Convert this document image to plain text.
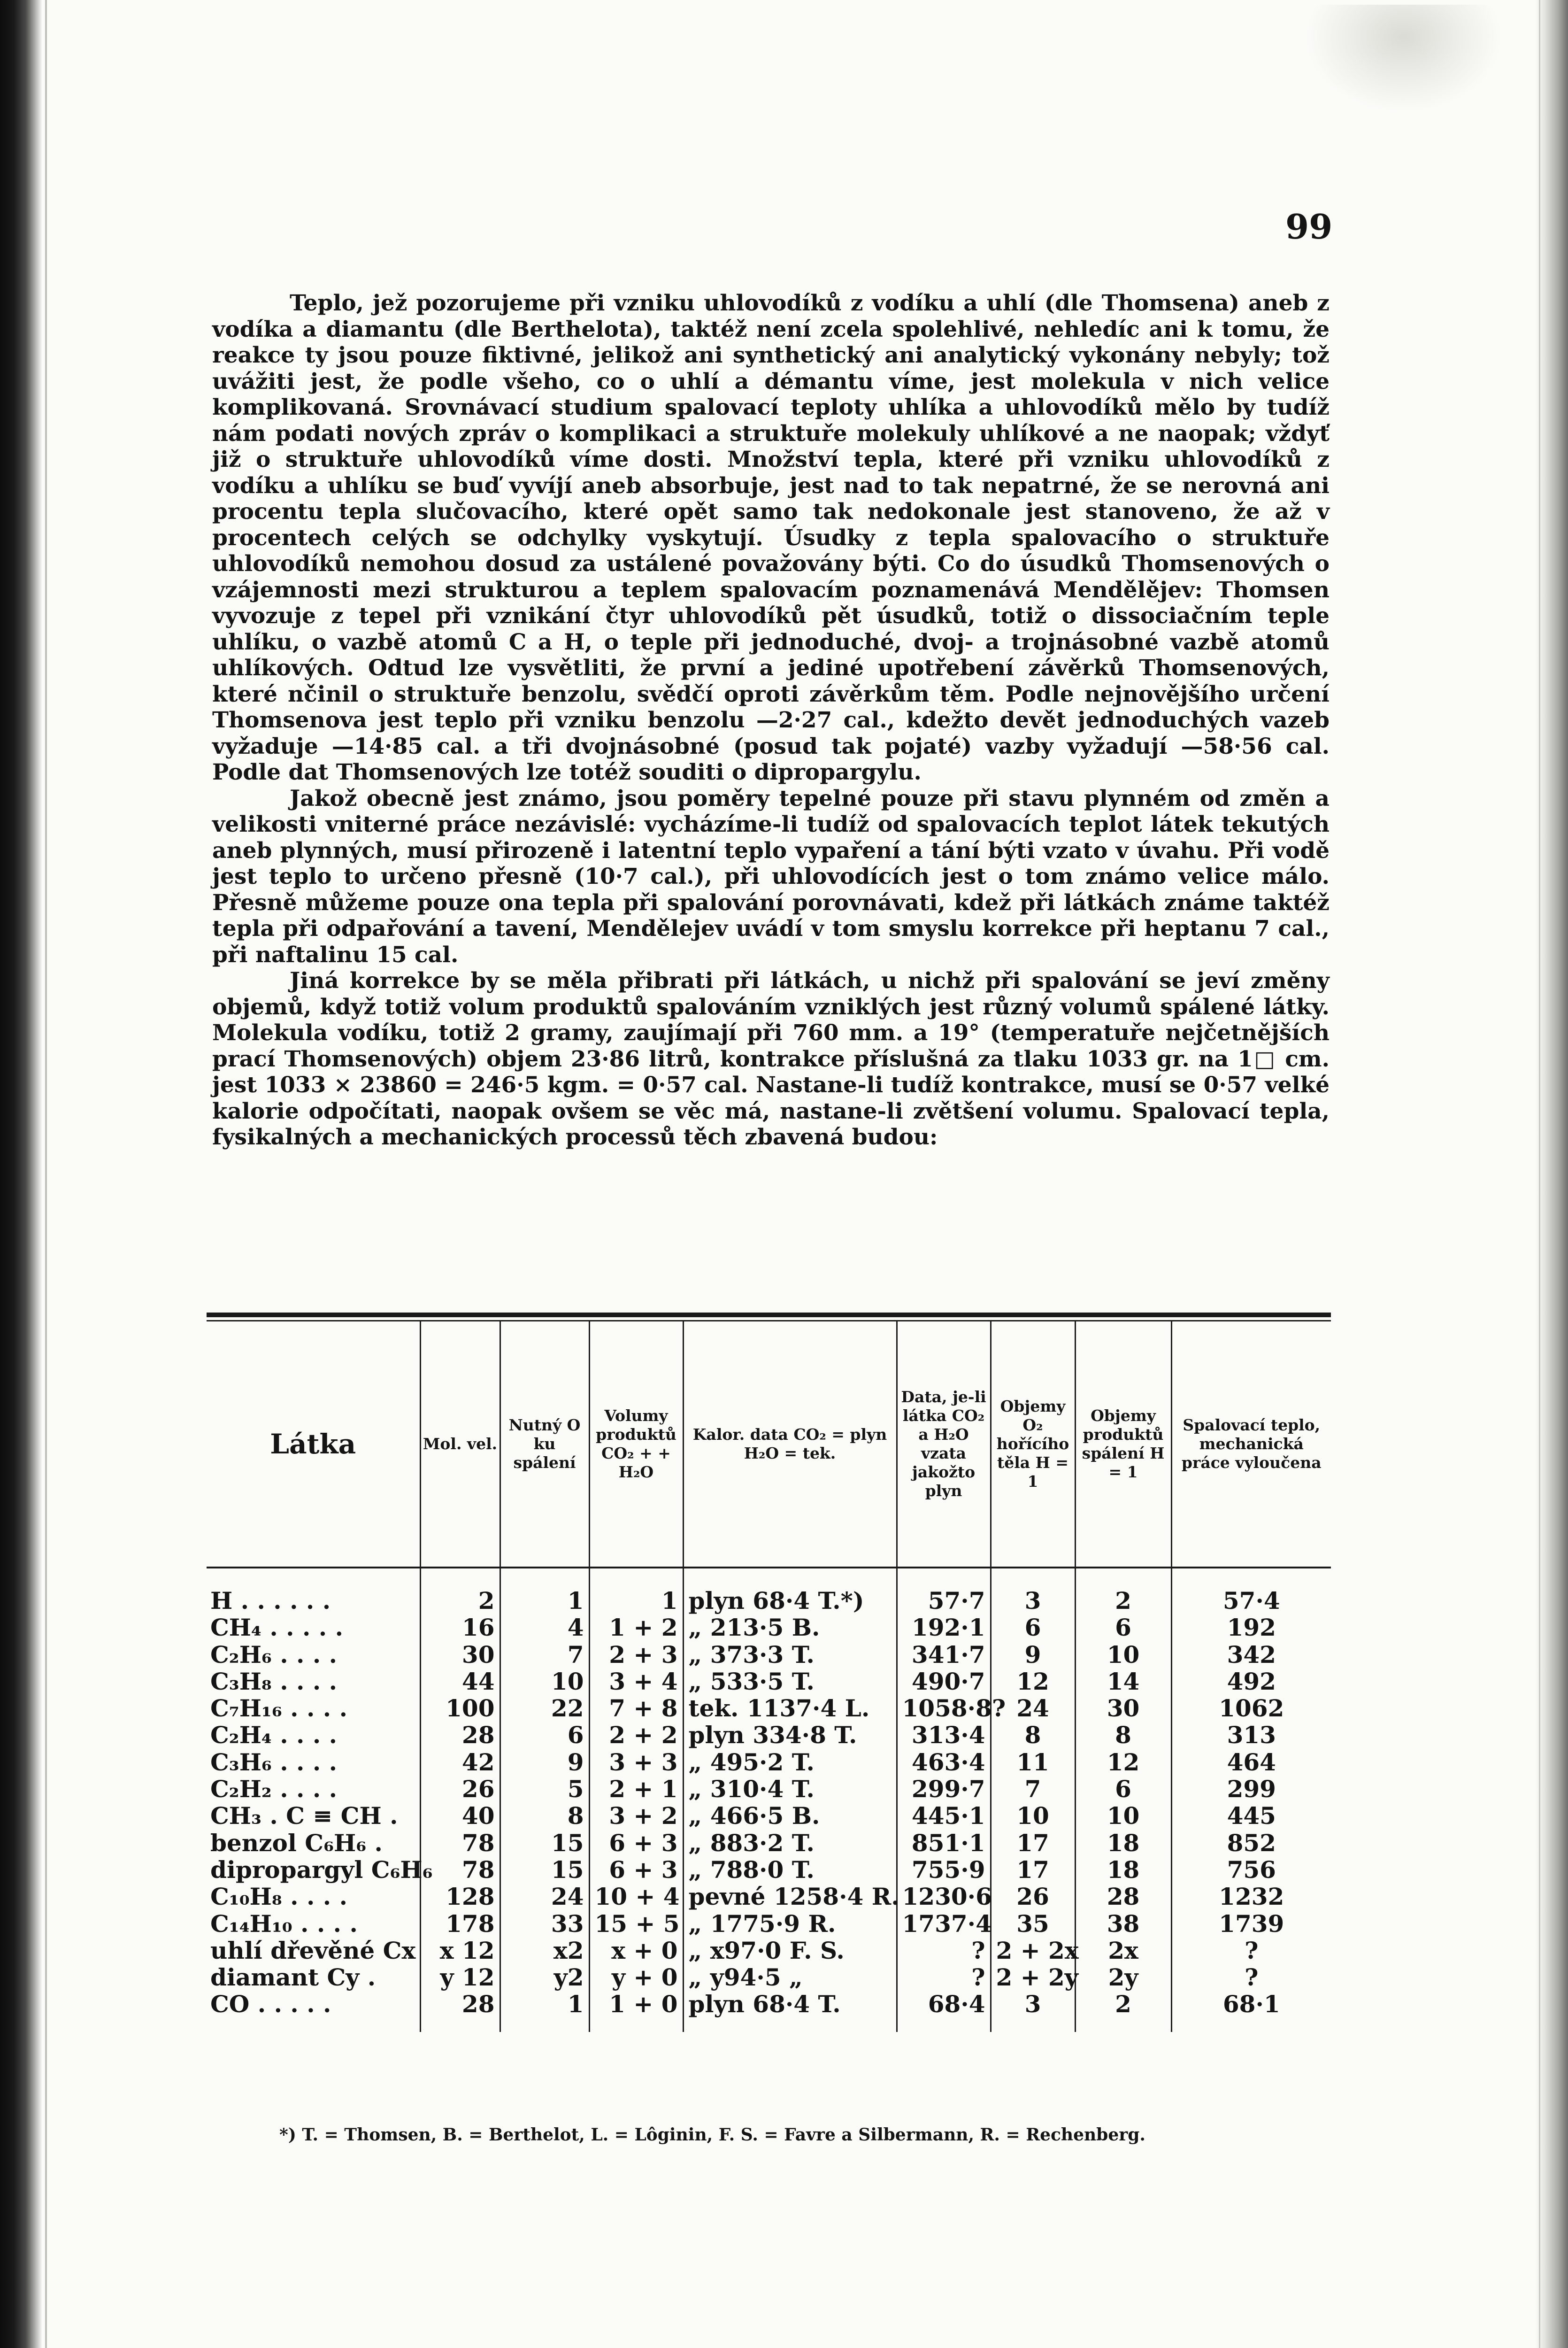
99

Teplo, jež pozorujeme při vzniku uhlovodíků z vodíku a uhlí (dle Thomsena) aneb z vodíka a diamantu (dle Berthelota), taktéž není zcela spolehlivé, nehledíc ani k tomu, že reakce ty jsou pouze fiktivné, jelikož ani synthetický ani analytický vykonány nebyly; tož uvážiti jest, že podle všeho, co o uhlí a démantu víme, jest molekula v nich velice komplikovaná. Srovnávací studium spalovací teploty uhlíka a uhlovodíků mělo by tudíž nám podati nových zpráv o komplikaci a struktuře molekuly uhlíkové a ne naopak; vždyť již o struktuře uhlovodíků víme dosti. Množství tepla, které při vzniku uhlovodíků z vodíku a uhlíku se buď vyvíjí aneb absorbuje, jest nad to tak nepatrné, že se nerovná ani procentu tepla slučovacího, které opět samo tak nedokonale jest stanoveno, že až v procentech celých se odchylky vyskytují. Úsudky z tepla spalovacího o struktuře uhlovodíků nemohou dosud za ustálené považovány býti. Co do úsudků Thomsenových o vzájemnosti mezi strukturou a teplem spalovacím poznamenává Mendělějev: Thomsen vyvozuje z tepel při vznikání čtyr uhlovodíků pět úsudků, totiž o dissociačním teple uhlíku, o vazbě atomů C a H, o teple při jednoduché, dvoj- a trojnásobné vazbě atomů uhlíkových. Odtud lze vysvětliti, že první a jediné upotřebení závěrků Thomsenových, které nčinil o struktuře benzolu, svědčí oproti závěrkům těm. Podle nejnovějšího určení Thomsenova jest teplo při vzniku benzolu —2·27 cal., kdežto devět jednoduchých vazeb vyžaduje —14·85 cal. a tři dvojnásobné (posud tak pojaté) vazby vyžadují —58·56 cal. Podle dat Thomsenových lze totéž souditi o dipropargylu.

Jakož obecně jest známo, jsou poměry tepelné pouze při stavu plynném od změn a velikosti vniterné práce nezávislé: vycházíme-li tudíž od spalovacích teplot látek tekutých aneb plynných, musí přirozeně i latentní teplo vypaření a tání býti vzato v úvahu. Při vodě jest teplo to určeno přesně (10·7 cal.), při uhlovodících jest o tom známo velice málo. Přesně můžeme pouze ona tepla při spalování porovnávati, kdež při látkách známe taktéž tepla při odpařování a tavení, Mendělejev uvádí v tom smyslu korrekce při heptanu 7 cal., při naftalinu 15 cal.

Jiná korrekce by se měla přibrati při látkách, u nichž při spalování se jeví změny objemů, když totiž volum produktů spalováním vzniklých jest různý volumů spálené látky. Molekula vodíku, totiž 2 gramy, zaujímají při 760 mm. a 19° (temperatuře nejčetnějších prací Thomsenových) objem 23·86 litrů, kontrakce příslušná za tlaku 1033 gr. na 1□ cm. jest 1033 × 23860 = 246·5 kgm. = 0·57 cal. Nastane-li tudíž kontrakce, musí se 0·57 velké kalorie odpočítati, naopak ovšem se věc má, nastane-li zvětšení volumu. Spalovací tepla, fysikalných a mechanických processů těch zbavená budou:

Látka	Mol. vel.	Nutný O ku spálení	Volumy produktů CO₂ + + H₂O	Kalor. data CO₂ = plyn H₂O = tek.	Data, je-li látka CO₂ a H₂O vzata jakožto plyn	Objemy O₂ hořícího těla H = 1	Objemy produktů spálení H = 1	Spalovací teplo, mechanická práce vyloučena
H . . . . . .	2	1	1	plyn 68·4 T.*)	57·7	3	2	57·4
CH₄ . . . . .	16	4	1 + 2	„ 213·5 B.	192·1	6	6	192
C₂H₆ . . . .	30	7	2 + 3	„ 373·3 T.	341·7	9	10	342
C₃H₈ . . . .	44	10	3 + 4	„ 533·5 T.	490·7	12	14	492
C₇H₁₆ . . . .	100	22	7 + 8	tek. 1137·4 L.	1058·8?	24	30	1062
C₂H₄ . . . .	28	6	2 + 2	plyn 334·8 T.	313·4	8	8	313
C₃H₆ . . . .	42	9	3 + 3	„ 495·2 T.	463·4	11	12	464
C₂H₂ . . . .	26	5	2 + 1	„ 310·4 T.	299·7	7	6	299
CH₃ . C ≡ CH .	40	8	3 + 2	„ 466·5 B.	445·1	10	10	445
benzol C₆H₆ .	78	15	6 + 3	„ 883·2 T.	851·1	17	18	852
dipropargyl C₆H₆	78	15	6 + 3	„ 788·0 T.	755·9	17	18	756
C₁₀H₈ . . . .	128	24	10 + 4	pevné 1258·4 R.	1230·6	26	28	1232
C₁₄H₁₀ . . . .	178	33	15 + 5	„ 1775·9 R.	1737·4	35	38	1739
uhlí dřevěné Cx	x 12	x2	x + 0	„ x97·0 F. S.	?	2 + 2x	2x	?
diamant Cy .	y 12	y2	y + 0	„ y94·5 „	?	2 + 2y	2y	?
CO . . . . .	28	1	1 + 0	plyn 68·4 T.	68·4	3	2	68·1
*) T. = Thomsen, B. = Berthelot, L. = Lôginin, F. S. = Favre a Silbermann, R. = Rechenberg.
